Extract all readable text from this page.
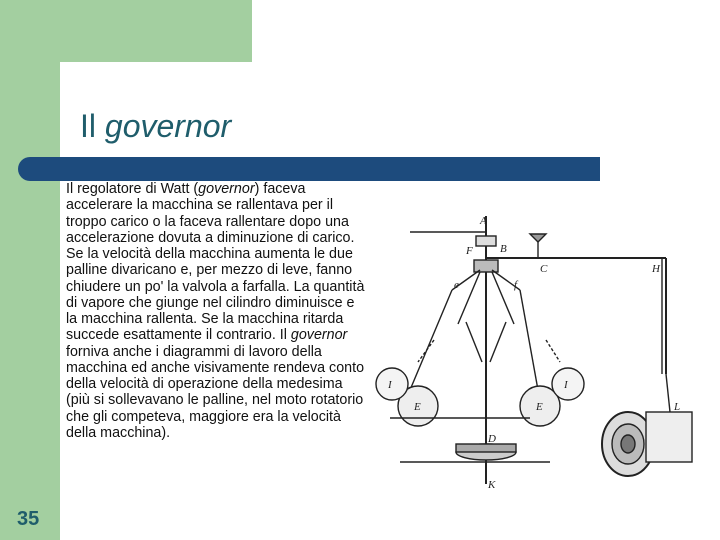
Il governor

Il regolatore di Watt (governor) faceva accelerare la macchina se rallentava per il troppo carico o la faceva rallentare dopo una accelerazione dovuta a diminuzione di carico. Se la velocità della macchina aumenta le due palline divaricano e, per mezzo di leve, fanno chiudere un po' la valvola a farfalla. La quantità di vapore che giunge nel cilindro diminuisce e la macchina rallenta. Se la macchina ritarda succede esattamente il contrario. Il governor forniva anche i diagrammi di lavoro della macchina ed anche visivamente rendeva conto della velocità di operazione della medesima (più si sollevavano le palline, nel moto rotatorio che gli competeva, maggiore era la velocità della macchina).

35
F
A
B
C	H
e	f
E	E
I	I
D
K
L
